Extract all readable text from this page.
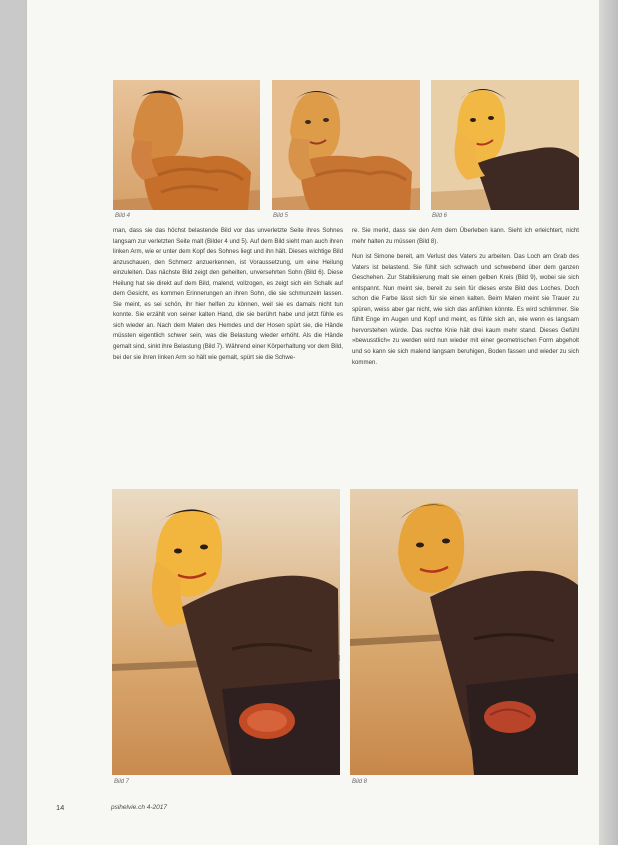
Bild 4	Bild 5	Bild 6

man, dass sie das höchst belastende Bild vor das unverletzte Seite ihres Sohnes langsam zur verletzten Seite malt (Bilder 4 und 5). Auf dem Bild sieht man auch ihren linken Arm, wie er unter dem Kopf des Sohnes liegt und ihn hält. Dieses wichtige Bild anzuschauen, den Schmerz anzuerkennen, ist Voraussetzung, um eine Heilung einzuleiten. Das nächste Bild zeigt den geheilten, unversehrten Sohn (Bild 6). Diese Heilung hat sie direkt auf dem Bild, malend, vollzogen, es zeigt sich ein Schalk auf dem Gesicht, es kommen Erinnerungen an ihren Sohn, die sie schmunzeln lassen. Sie meint, es sei schön, ihr hier helfen zu können, weil sie es damals nicht tun konnte. Sie erzählt von seiner kalten Hand, die sie berührt habe und jetzt fühle es sich wieder an. Nach dem Malen des Hemdes und der Hosen spürt sie, die Hände müssten eigentlich schwer sein, was die Belastung wieder erhöht. Als die Hände gemalt sind, sinkt ihre Belastung (Bild 7). Während einer Körperhaltung vor dem Bild, bei der sie ihren linken Arm so hält wie gemalt, spürt sie die Schwe-

re. Sie merkt, dass sie den Arm dem Überleben kann. Sieht ich erleichtert, nicht mehr halten zu müssen (Bild 8).

Nun ist Simone bereit, am Verlust des Vaters zu arbeiten. Das Loch am Grab des Vaters ist belastend. Sie fühlt sich schwach und schwebend über dem ganzen Geschehen. Zur Stabilisierung malt sie einen gelben Kreis (Bild 9), wobei sie sich entspannt. Nun meint sie, bereit zu sein für dieses erste Bild des Loches. Doch schon die Farbe lässt sich für sie einen kalten. Beim Malen meint sie Trauer zu spüren, weiss aber gar nicht, wie sich das anfühlen könnte. Es wird schlimmer. Sie fühlt Enge im Augen und Kopf und meint, es fühle sich an, wie wenn es langsam hervorstehen würde. Das rechte Knie hält drei kaum mehr stand. Dieses Gefühl »bewusstlich« zu werden wird nun wieder mit einer geometrischen Form abgeholt und so kann sie sich malend langsam beruhigen, Boden fassen und wieder zu sich kommen.

Bild 7	Bild 8
14	psihelvie.ch 4-2017
